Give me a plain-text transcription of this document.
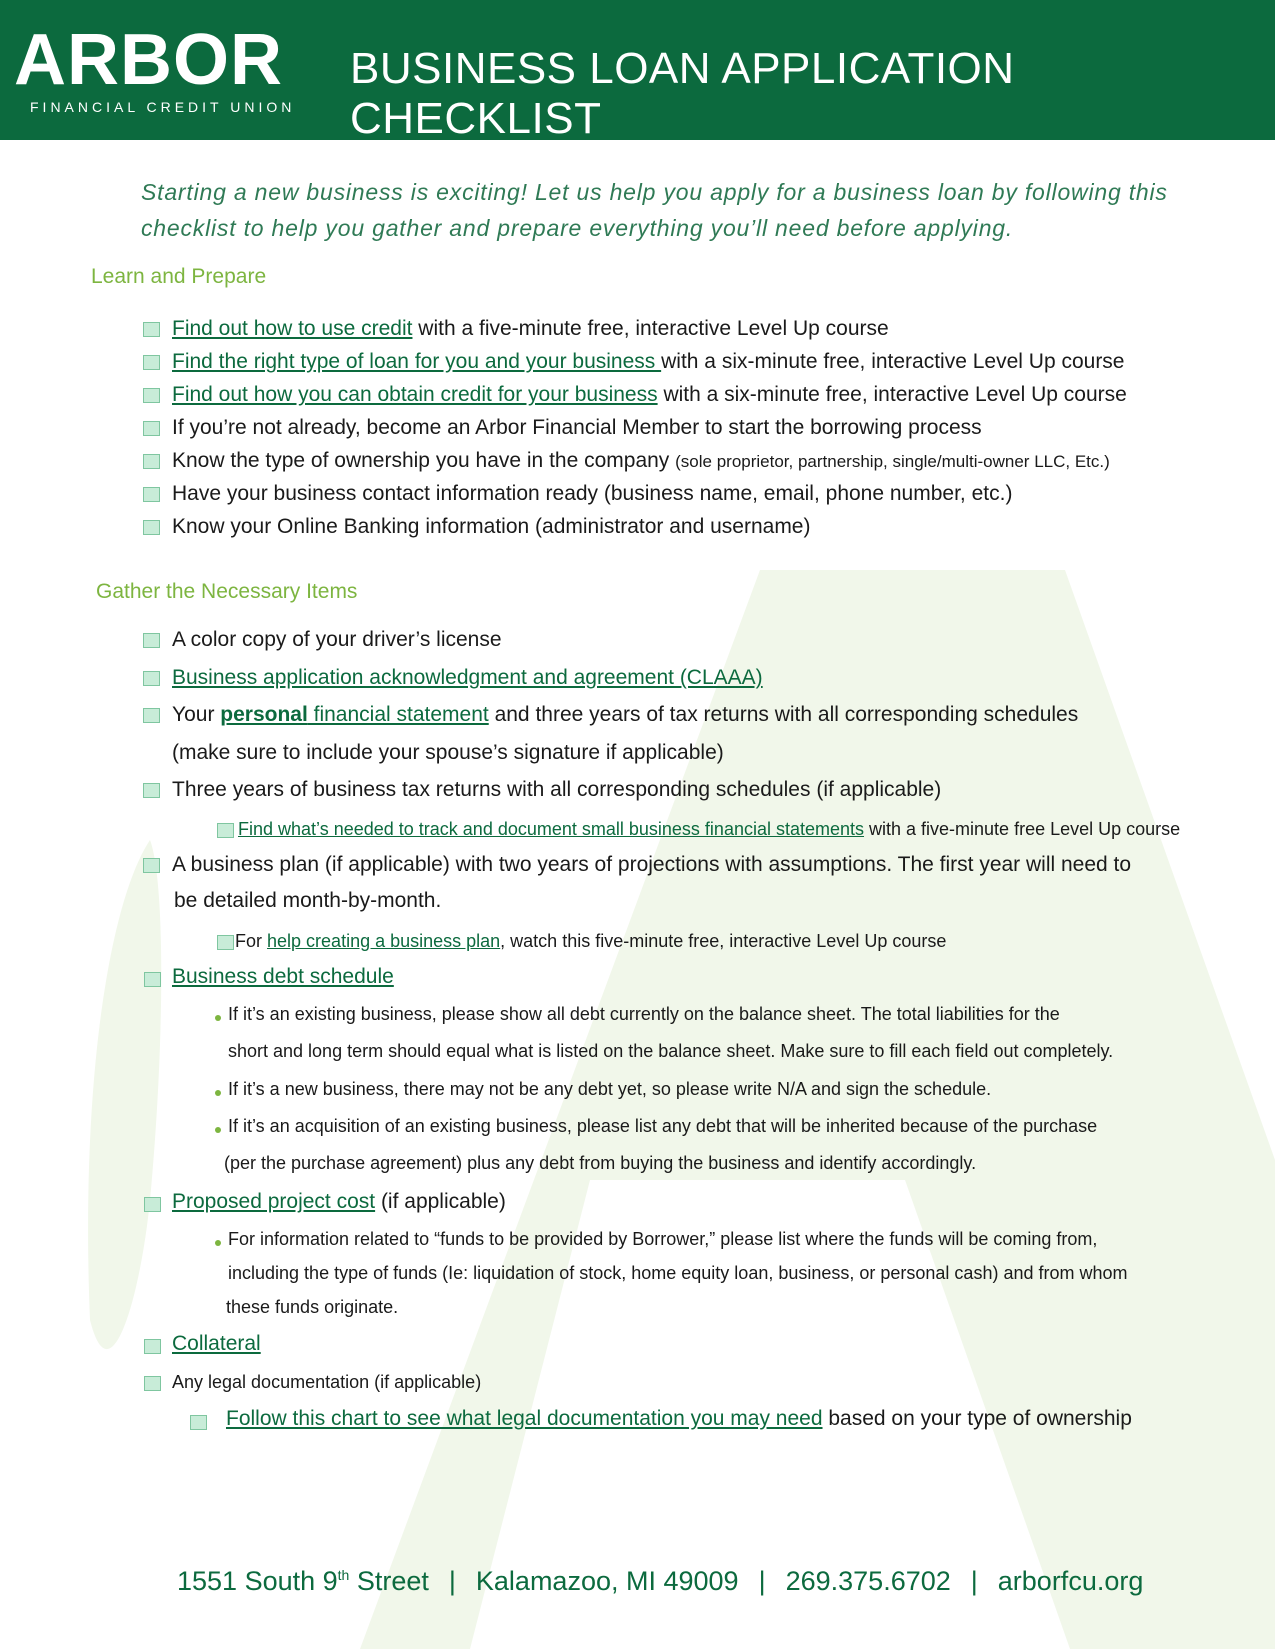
ARBOR
FINANCIAL CREDIT UNION
BUSINESS LOAN APPLICATION CHECKLIST
Starting a new business is exciting! Let us help you apply for a business loan by following this checklist to help you gather and prepare everything you’ll need before applying.
Learn and Prepare
Find out how to use credit with a five-minute free, interactive Level Up course
Find the right type of loan for you and your business with a six-minute free, interactive Level Up course
Find out how you can obtain credit for your business with a six-minute free, interactive Level Up course
If you’re not already, become an Arbor Financial Member to start the borrowing process
Know the type of ownership you have in the company (sole proprietor, partnership, single/multi-owner LLC, Etc.)
Have your business contact information ready (business name, email, phone number, etc.)
Know your Online Banking information (administrator and username)
Gather the Necessary Items
A color copy of your driver’s license
Business application acknowledgment and agreement (CLAAA)
Your personal financial statement and three years of tax returns with all corresponding schedules
(make sure to include your spouse’s signature if applicable)
Three years of business tax returns with all corresponding schedules (if applicable)
Find what’s needed to track and document small business financial statements with a five-minute free Level Up course
A business plan (if applicable) with two years of projections with assumptions. The first year will need to
be detailed month-by-month.
For help creating a business plan, watch this five-minute free, interactive Level Up course
Business debt schedule
If it’s an existing business, please show all debt currently on the balance sheet. The total liabilities for the
short and long term should equal what is listed on the balance sheet. Make sure to fill each field out completely.
If it’s a new business, there may not be any debt yet, so please write N/A and sign the schedule.
If it’s an acquisition of an existing business, please list any debt that will be inherited because of the purchase
(per the purchase agreement) plus any debt from buying the business and identify accordingly.
Proposed project cost (if applicable)
For information related to “funds to be provided by Borrower,” please list where the funds will be coming from,
including the type of funds (Ie: liquidation of stock, home equity loan, business, or personal cash) and from whom
these funds originate.
Collateral
Any legal documentation (if applicable)
Follow this chart to see what legal documentation you may need based on your type of ownership
1551 South 9th Street | Kalamazoo, MI 49009 | 269.375.6702 | arborfcu.org
